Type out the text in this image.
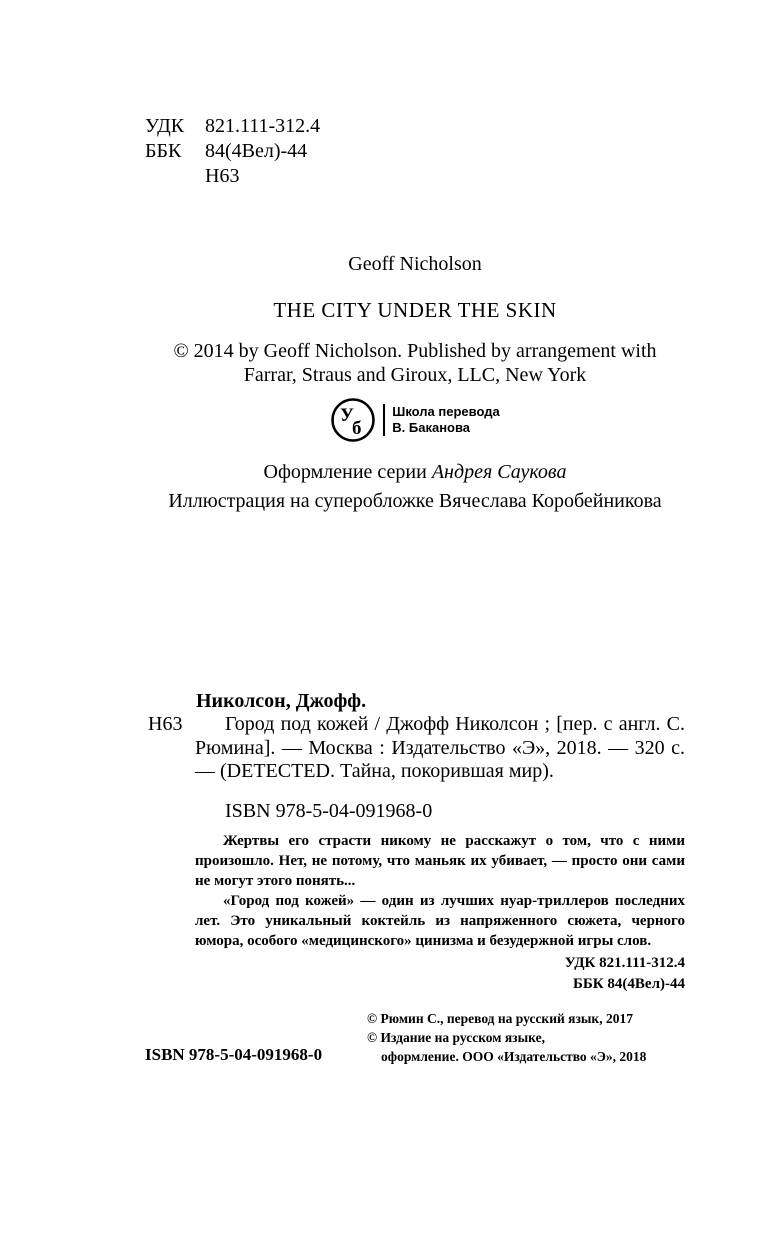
УДК 821.111-312.4
ББК 84(4Вел)-44
Н63
Geoff Nicholson
THE CITY UNDER THE SKIN
© 2014 by Geoff Nicholson. Published by arrangement with Farrar, Straus and Giroux, LLC, New York
У
б
Школа перевода
В. Баканова
Оформление серии Андрея Саукова
Иллюстрация на суперобложке Вячеслава Коробейникова
Николсон, Джофф.
Н63 Город под кожей / Джофф Николсон ; [пер. с англ. С. Рюмина]. — Москва : Издательство «Э», 2018. — 320 с. — (DETECTED. Тайна, покорившая мир).
ISBN 978-5-04-091968-0

Жертвы его страсти никому не расскажут о том, что с ними произошло. Нет, не потому, что маньяк их убивает, — просто они сами не могут этого понять...

«Город под кожей» — один из лучших нуар-триллеров последних лет. Это уникальный коктейль из напряженного сюжета, черного юмора, особого «медицинского» цинизма и безудержной игры слов.

УДК 821.111-312.4
ББК 84(4Вел)-44
ISBN 978-5-04-091968-0
© Рюмин С., перевод на русский язык, 2017
© Издание на русском языке,
оформление. ООО «Издательство «Э», 2018
